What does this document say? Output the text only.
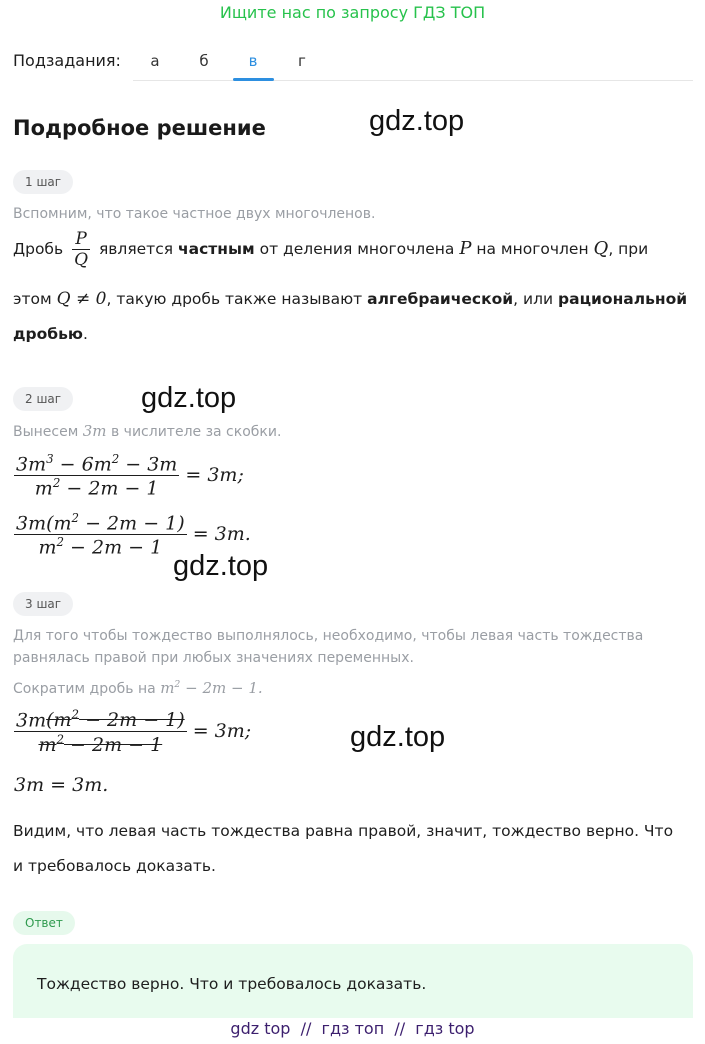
Ищите нас по запросу ГДЗ ТОП
Подзадания:	а	б	в	г
Подробное решение	gdz.top
1 шаг
Вспомним, что такое частное двух многочленов.
Дробь $\frac{P}{Q}$ является частным от деления многочлена P на многочлен Q, при
этом Q ≠ 0, такую дробь также называют алгебраической, или рациональной
дробью.
2 шаг	gdz.top
Вынесем 3m в числителе за скобки.
$\frac{3m^3 - 6m^2 - 3m}{m^2 - 2m - 1} = 3m$;
$\frac{3m(m^2 - 2m - 1)}{m^2 - 2m - 1} = 3m$.
gdz.top
3 шаг
Для того чтобы тождество выполнялось, необходимо, чтобы левая часть тождества
равнялась правой при любых значениях переменных.
Сократим дробь на $m^2 - 2m - 1$.
$\frac{3m(m^2 - 2m - 1)}{m^2 - 2m - 1} = 3m$;	gdz.top
3m = 3m.
Видим, что левая часть тождества равна правой, значит, тождество верно. Что
и требовалось доказать.
Ответ
Тождество верно. Что и требовалось доказать.
gdz top  //  гдз топ  //  гдз top
